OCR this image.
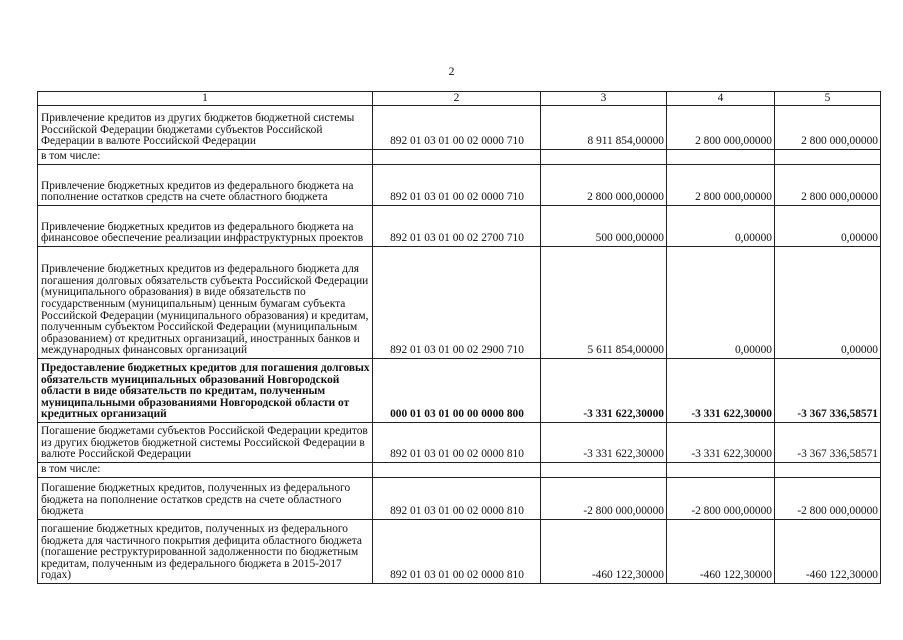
2
1	2	3	4	5
Привлечение кредитов из других бюджетов бюджетной системы Российской Федерации бюджетами субъектов Российской Федерации в валюте Российской Федерации	892 01 03 01 00 02 0000 710	8 911 854,00000	2 800 000,00000	2 800 000,00000
в том числе:				
Привлечение бюджетных кредитов из федерального бюджета на пополнение остатков средств на счете областного бюджета	892 01 03 01 00 02 0000 710	2 800 000,00000	2 800 000,00000	2 800 000,00000
Привлечение бюджетных кредитов из федерального бюджета на финансовое обеспечение реализации инфраструктурных проектов	892 01 03 01 00 02 2700 710	500 000,00000	0,00000	0,00000
Привлечение бюджетных кредитов из федерального бюджета для погашения долговых обязательств субъекта Российской Федерации (муниципального образования) в виде обязательств по государственным (муниципальным) ценным бумагам субъекта Российской Федерации (муниципального образования) и кредитам, полученным субъектом Российской Федерации (муниципальным образованием) от кредитных организаций, иностранных банков и международных финансовых организаций	892 01 03 01 00 02 2900 710	5 611 854,00000	0,00000	0,00000
Предоставление бюджетных кредитов для погашения долговых обязательств муниципальных образований Новгородской области в виде обязательств по кредитам, полученным муниципальными образованиями Новгородской области от кредитных организаций	000 01 03 01 00 00 0000 800	-3 331 622,30000	-3 331 622,30000	-3 367 336,58571
Погашение бюджетами субъектов Российской Федерации кредитов из других бюджетов бюджетной системы Российской Федерации в валюте Российской Федерации	892 01 03 01 00 02 0000 810	-3 331 622,30000	-3 331 622,30000	-3 367 336,58571
в том числе:				
Погашение бюджетных кредитов, полученных из федерального бюджета на пополнение остатков средств на счете областного бюджета	892 01 03 01 00 02 0000 810	-2 800 000,00000	-2 800 000,00000	-2 800 000,00000
погашение бюджетных кредитов, полученных из федерального бюджета для частичного покрытия дефицита областного бюджета (погашение реструктурированной задолженности по бюджетным кредитам, полученным из федерального бюджета в 2015-2017 годах)	892 01 03 01 00 02 0000 810	-460 122,30000	-460 122,30000	-460 122,30000
